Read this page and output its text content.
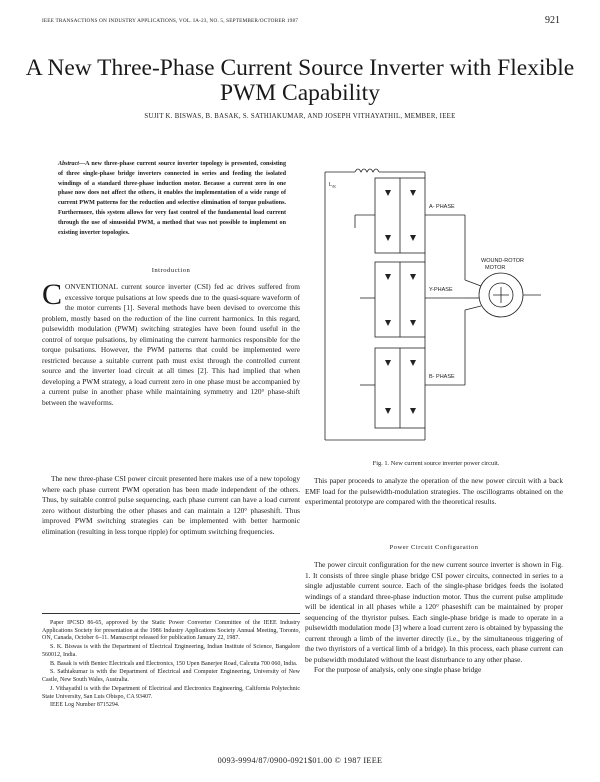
IEEE TRANSACTIONS ON INDUSTRY APPLICATIONS, VOL. IA-23, NO. 5, SEPTEMBER/OCTOBER 1987	921
A New Three-Phase Current Source Inverter with Flexible PWM Capability
SUJIT K. BISWAS, B. BASAK, S. SATHIAKUMAR, AND JOSEPH VITHAYATHIL, MEMBER, IEEE
Abstract—A new three-phase current source inverter topology is presented, consisting of three single-phase bridge inverters connected in series and feeding the isolated windings of a standard three-phase induction motor. Because a current zero in one phase now does not affect the others, it enables the implementation of a wide range of current PWM patterns for the reduction and selective elimination of torque pulsations. Furthermore, this system allows for very fast control of the fundamental load current through the use of sinusoidal PWM, a method that was not possible to implement on existing inverter topologies.
Introduction
CONVENTIONAL current source inverter (CSI) fed ac drives suffered from excessive torque pulsations at low speeds due to the quasi-square waveform of the motor currents [1]. Several methods have been devised to overcome this problem, mostly based on the reduction of the line current harmonics. In this regard, pulsewidth modulation (PWM) switching strategies have been found useful in the control of torque pulsations, by eliminating the current harmonics responsible for the torque pulsations. However, the PWM patterns that could be implemented were restricted because a suitable current path must exist through the controlled current source and the inverter load circuit at all times [2]. This had implied that when developing a PWM strategy, a load current zero in one phase must be accompanied by a current pulse in another phase while maintaining symmetry and 120° phase-shift between the waveforms.

The new three-phase CSI power circuit presented here makes use of a new topology where each phase current PWM operation has been made independent of the others. Thus, by suitable control pulse sequencing, each phase current can have a load current zero without disturbing the other phases and can maintain a 120° phaseshift. Thus improved PWM switching strategies can be implemented with better harmonic elimination (resulting in less torque ripple) for optimum switching frequencies.

Paper IPCSD 86-65, approved by the Static Power Converter Committee of the IEEE Industry Applications Society for presentation at the 1986 Industry Applications Society Annual Meeting, Toronto, ON, Canada, October 6–11. Manuscript released for publication January 22, 1987.

S. K. Biswas is with the Department of Electrical Engineering, Indian Institute of Science, Bangalore 560012, India.

B. Basak is with Bentec Electricals and Electronics, 150 Upen Banerjee Road, Calcutta 700 060, India.

S. Sathiakumar is with the Department of Electrical and Computer Engineering, University of New Castle, New South Wales, Australia.

J. Vithayathil is with the Department of Electrical and Electronics Engineering, California Polytechnic State University, San Luis Obispo, CA 93407.

IEEE Log Number 8715294.

$L_{dc}$
A- PHASE
Y-PHASE
B- PHASE
WOUND-ROTOR
MOTOR
Fig. 1. New current source inverter power circuit.

This paper proceeds to analyze the operation of the new power circuit with a back EMF load for the pulsewidth-modulation strategies. The oscillograms obtained on the experimental prototype are compared with the theoretical results.

Power Circuit Configuration

The power circuit configuration for the new current source inverter is shown in Fig. 1. It consists of three single phase bridge CSI power circuits, connected in series to a single adjustable current source. Each of the single-phase bridges feeds the isolated windings of a standard three-phase induction motor. Thus the current pulse amplitude will be identical in all phases while a 120° phaseshift can be maintained by proper sequencing of the thyristor pulses. Each single-phase bridge is made to operate in a pulsewidth modulation mode [3] where a load current zero is obtained by bypassing the current through a limb of the inverter directly (i.e., by the simultaneous triggering of the two thyristors of a vertical limb of a bridge). In this process, each phase current can be pulsewidth modulated without the least disturbance to any other phase.

For the purpose of analysis, only one single phase bridge

0093-9994/87/0900-0921$01.00 © 1987 IEEE
